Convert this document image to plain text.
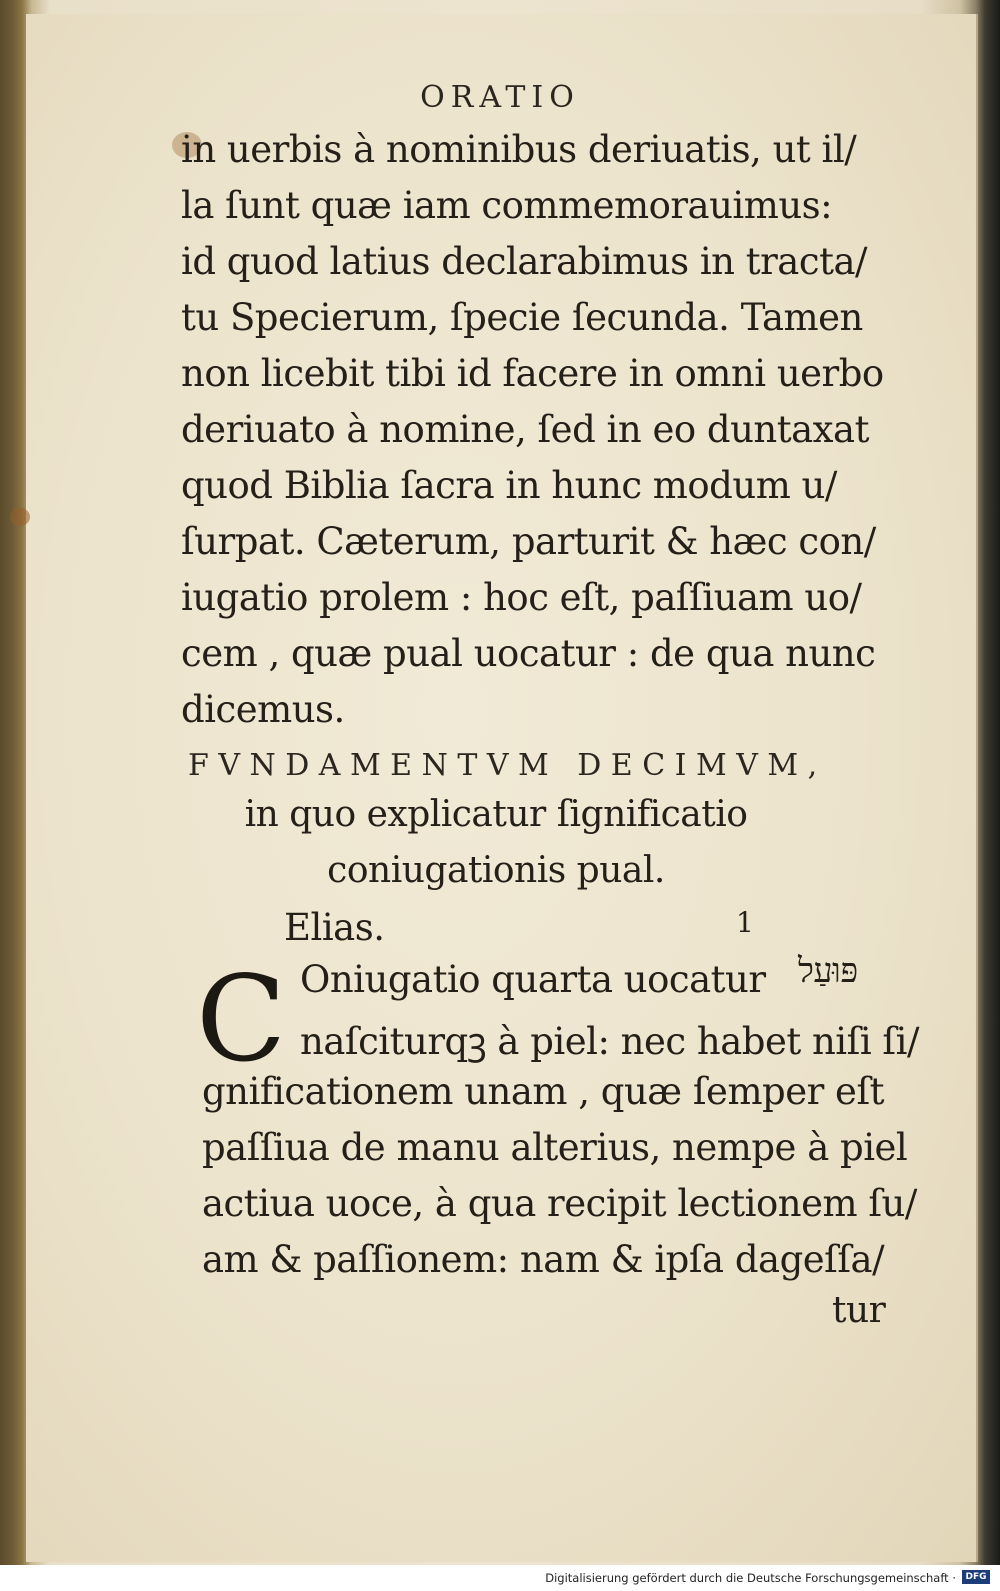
ORATIO
in uerbis à nominibus deriuatis, ut il/
la ſunt quæ iam commemorauimus:
id quod latius declarabimus in tracta/
tu Specierum, ſpecie ſecunda. Tamen
non licebit tibi id facere in omni uerbo
deriuato à nomine, ſed in eo duntaxat
quod Biblia ſacra in hunc modum u/
ſurpat. Cæterum, parturit & hæc con/
iugatio prolem : hoc eſt, paſſiuam uo/
cem , quæ pual uocatur : de qua nunc
dicemus.
FVNDAMENTVM DECIMVM,
in quo explicatur ſignificatio
coniugationis pual.
Elias.	1
C Oniugatio quarta uocatur פּוּעַל
naſciturqꝫ à piel: nec habet niſi ſi/
gnificationem unam , quæ ſemper eſt
paſſiua de manu alterius, nempe à piel
actiua uoce, à qua recipit lectionem ſu/
am & paſſionem: nam & ipſa dageſſa/
tur
Digitalisierung gefördert durch die Deutsche Forschungsgemeinschaft ·	DFG
